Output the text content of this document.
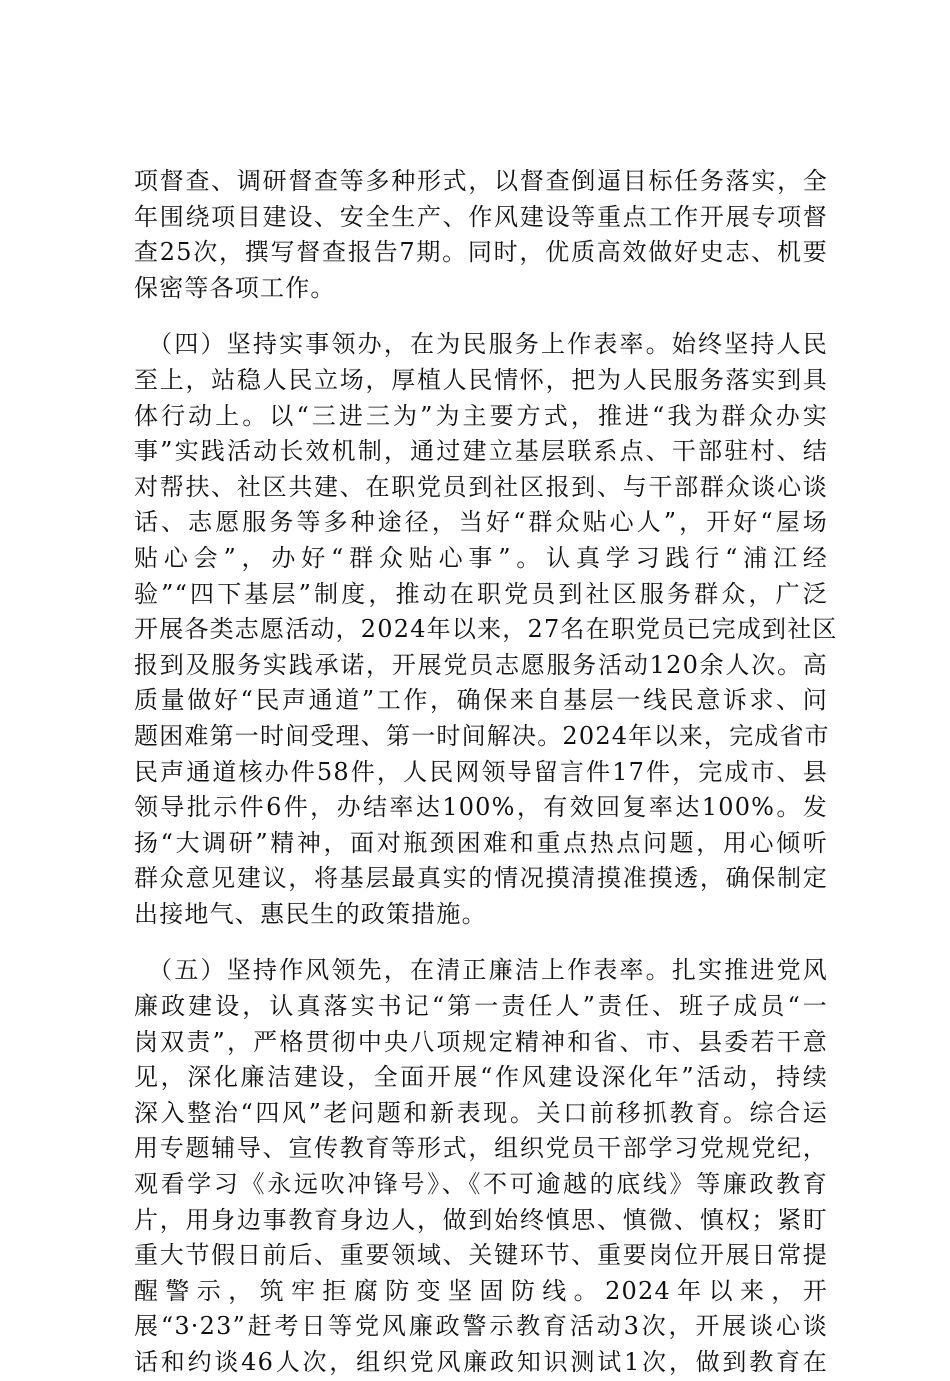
项督查、调研督查等多种形式，以督查倒逼目标任务落实，全
年围绕项目建设、安全生产、作风建设等重点工作开展专项督
查25次，撰写督查报告7期。同时，优质高效做好史志、机要
保密等各项工作。
　（四）坚持实事领办，在为民服务上作表率。始终坚持人民
至上，站稳人民立场，厚植人民情怀，把为人民服务落实到具
体行动上。以“三进三为”为主要方式，推进“我为群众办实
事”实践活动长效机制，通过建立基层联系点、干部驻村、结
对帮扶、社区共建、在职党员到社区报到、与干部群众谈心谈
话、志愿服务等多种途径，当好“群众贴心人”，开好“屋场
贴心会”，办好“群众贴心事”。认真学习践行“浦江经
验”“四下基层”制度，推动在职党员到社区服务群众，广泛
开展各类志愿活动，2024年以来，27名在职党员已完成到社区
报到及服务实践承诺，开展党员志愿服务活动120余人次。高
质量做好“民声通道”工作，确保来自基层一线民意诉求、问
题困难第一时间受理、第一时间解决。2024年以来，完成省市
民声通道核办件58件，人民网领导留言件17件，完成市、县
领导批示件6件，办结率达100%，有效回复率达100%。发
扬“大调研”精神，面对瓶颈困难和重点热点问题，用心倾听
群众意见建议，将基层最真实的情况摸清摸准摸透，确保制定
出接地气、惠民生的政策措施。
　（五）坚持作风领先，在清正廉洁上作表率。扎实推进党风
廉政建设，认真落实书记“第一责任人”责任、班子成员“一
岗双责”，严格贯彻中央八项规定精神和省、市、县委若干意
见，深化廉洁建设，全面开展“作风建设深化年”活动，持续
深入整治“四风”老问题和新表现。关口前移抓教育。综合运
用专题辅导、宣传教育等形式，组织党员干部学习党规党纪，
观看学习《永远吹冲锋号》、《不可逾越的底线》等廉政教育
片，用身边事教育身边人，做到始终慎思、慎微、慎权；紧盯
重大节假日前后、重要领域、关键环节、重要岗位开展日常提
醒警示，筑牢拒腐防变坚固防线。2024年以来，开
展“3·23”赶考日等党风廉政警示教育活动3次，开展谈心谈
话和约谈46人次，组织党风廉政知识测试1次，做到教育在
